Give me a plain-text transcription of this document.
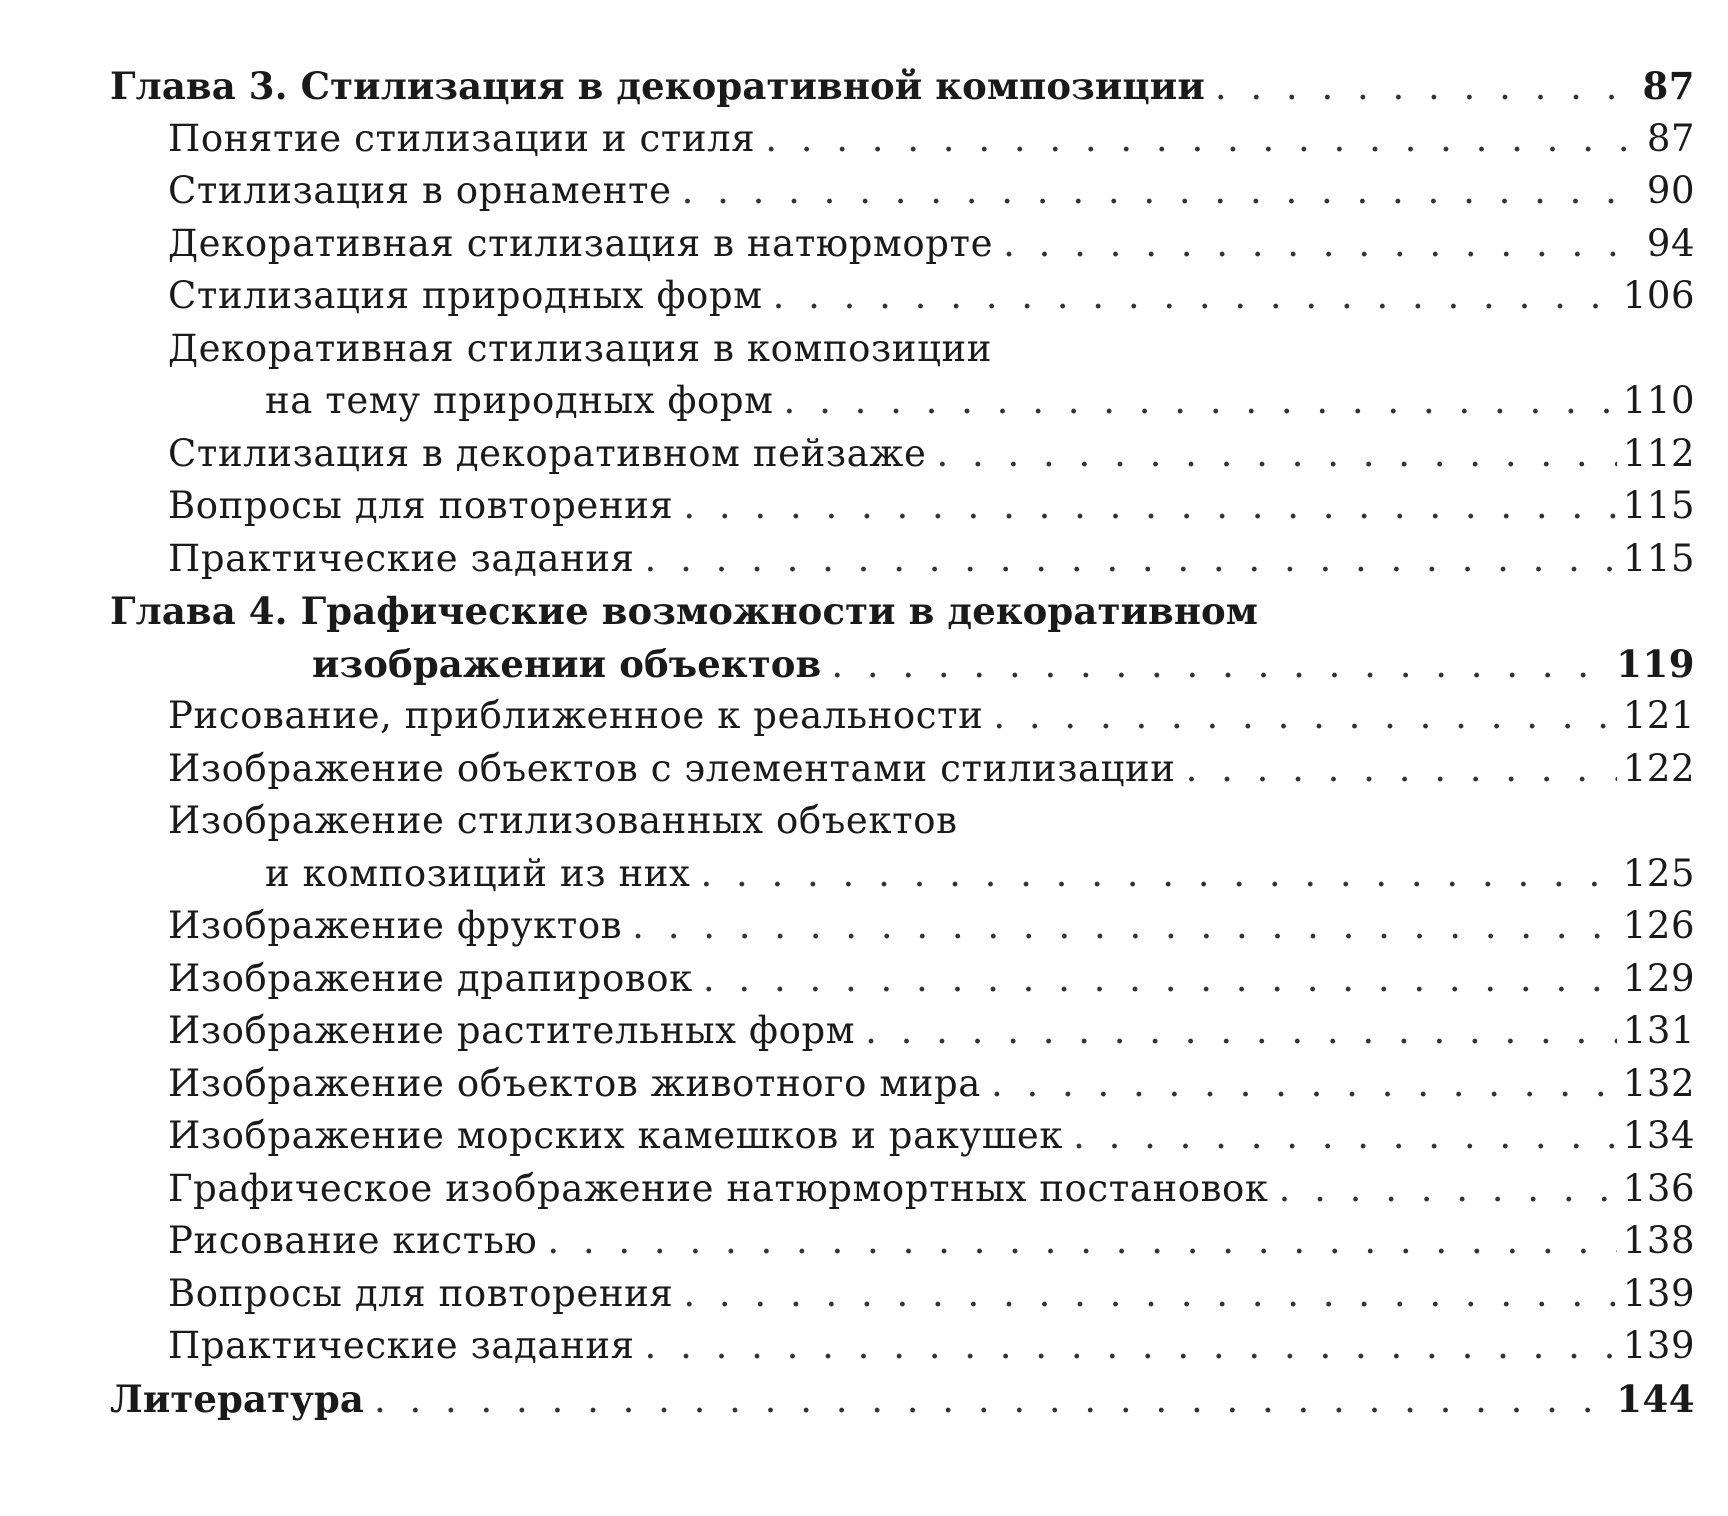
Глава 3. Стилизация в декоративной композиции . . .	87
Понятие стилизации и стиля . . .	87
Стилизация в орнаменте . . .	90
Декоративная стилизация в натюрморте . . .	94
Стилизация природных форм . . .	106
Декоративная стилизация в композиции
на тему природных форм . . .	110
Стилизация в декоративном пейзаже . . .	112
Вопросы для повторения . . .	115
Практические задания . . .	115
Глава 4. Графические возможности в декоративном
изображении объектов . . .	119
Рисование, приближенное к реальности . . .	121
Изображение объектов с элементами стилизации . . .	122
Изображение стилизованных объектов
и композиций из них . . .	125
Изображение фруктов . . .	126
Изображение драпировок . . .	129
Изображение растительных форм . . .	131
Изображение объектов животного мира . . .	132
Изображение морских камешков и ракушек . . .	134
Графическое изображение натюрмортных постановок . . .	136
Рисование кистью . . .	138
Вопросы для повторения . . .	139
Практические задания . . .	139
Литература . . .	144
